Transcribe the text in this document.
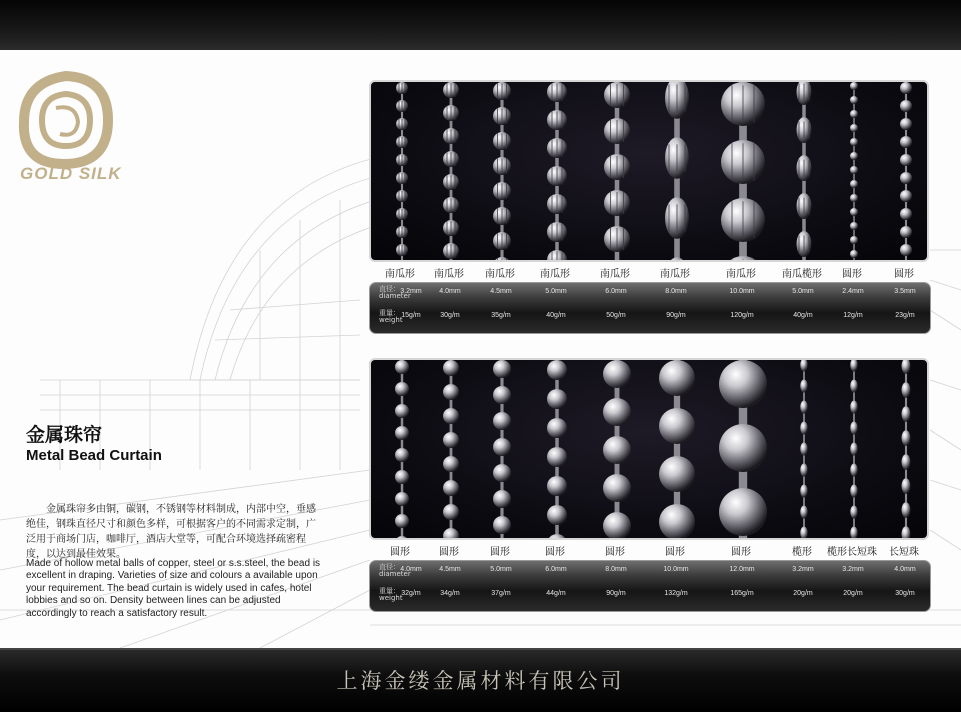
GOLD SILK
南瓜形 南瓜形 南瓜形	南瓜形	南瓜形	南瓜形	南瓜形	南瓜榄形 圆形	圆形
直径：
diameter
3.2mm	4.0mm	4.5mm	5.0mm	6.0mm	8.0mm	10.0mm	5.0mm	2.4mm	3.5mm
重量：
weight
15g/m	30g/m	35g/m	40g/m	50g/m	90g/m	120g/m	40g/m	12g/m	23g/m
圆形	圆形	圆形	圆形	圆形	圆形	圆形	榄形 榄形长短珠 长短珠
直径：
diameter
4.0mm	4.5mm	5.0mm	6.0mm	8.0mm	10.0mm	12.0mm	3.2mm	3.2mm	4.0mm
重量：
weight
32g/m	34g/m	37g/m	44g/m	90g/m	132g/m	165g/m	20g/m	20g/m	30g/m
金属珠帘
Metal Bead Curtain
金属珠帘多由铜，碳钢，不锈钢等材料制成，内部中空，垂感绝佳，钢珠直径尺寸和颜色多样，可根据客户的不同需求定制，广泛用于商场门店，咖啡厅，酒店大堂等，可配合环境选择疏密程度，以达到最佳效果。
Made of hollow metal balls of copper, steel or s.s.steel, the bead is excellent in draping. Varieties of size and colours a available upon your requirement. The bead curtain is widely used in cafes, hotel lobbies and so on. Density between lines can be adjusted accordingly to reach a satisfactory result.
上海金缕金属材料有限公司
